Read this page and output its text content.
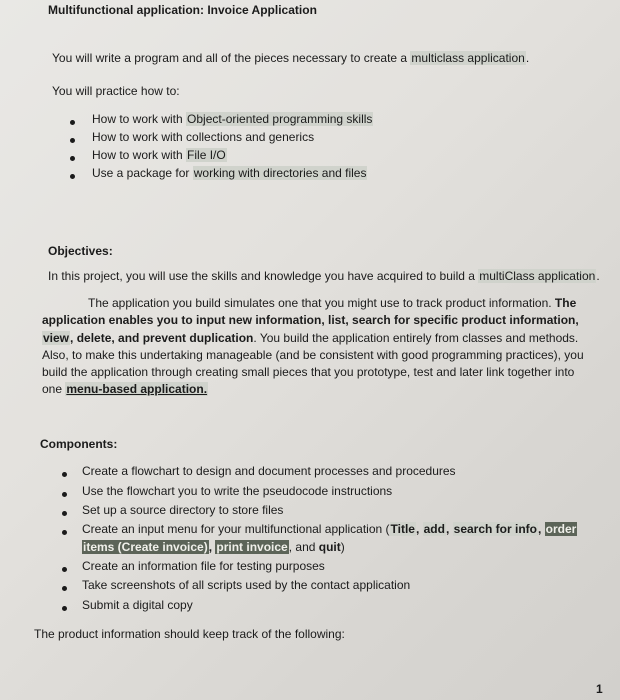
Multifunctional application: Invoice Application
You will write a program and all of the pieces necessary to create a multiclass application.
You will practice how to:
How to work with Object-oriented programming skills
How to work with collections and generics
How to work with File I/O
Use a package for working with directories and files
Objectives:
In this project, you will use the skills and knowledge you have acquired to build a multiClass application.

The application you build simulates one that you might use to track product information. The application enables you to input new information, list, search for specific product information, view, delete, and prevent duplication. You build the application entirely from classes and methods. Also, to make this undertaking manageable (and be consistent with good programming practices), you build the application through creating small pieces that you prototype, test and later link together into one menu-based application.

Components:
Create a flowchart to design and document processes and procedures
Use the flowchart you to write the pseudocode instructions
Set up a source directory to store files
Create an input menu for your multifunctional application (Title, add, search for info, order items (Create invoice), print invoice, and quit)
Create an information file for testing purposes
Take screenshots of all scripts used by the contact application
Submit a digital copy
The product information should keep track of the following:
1
